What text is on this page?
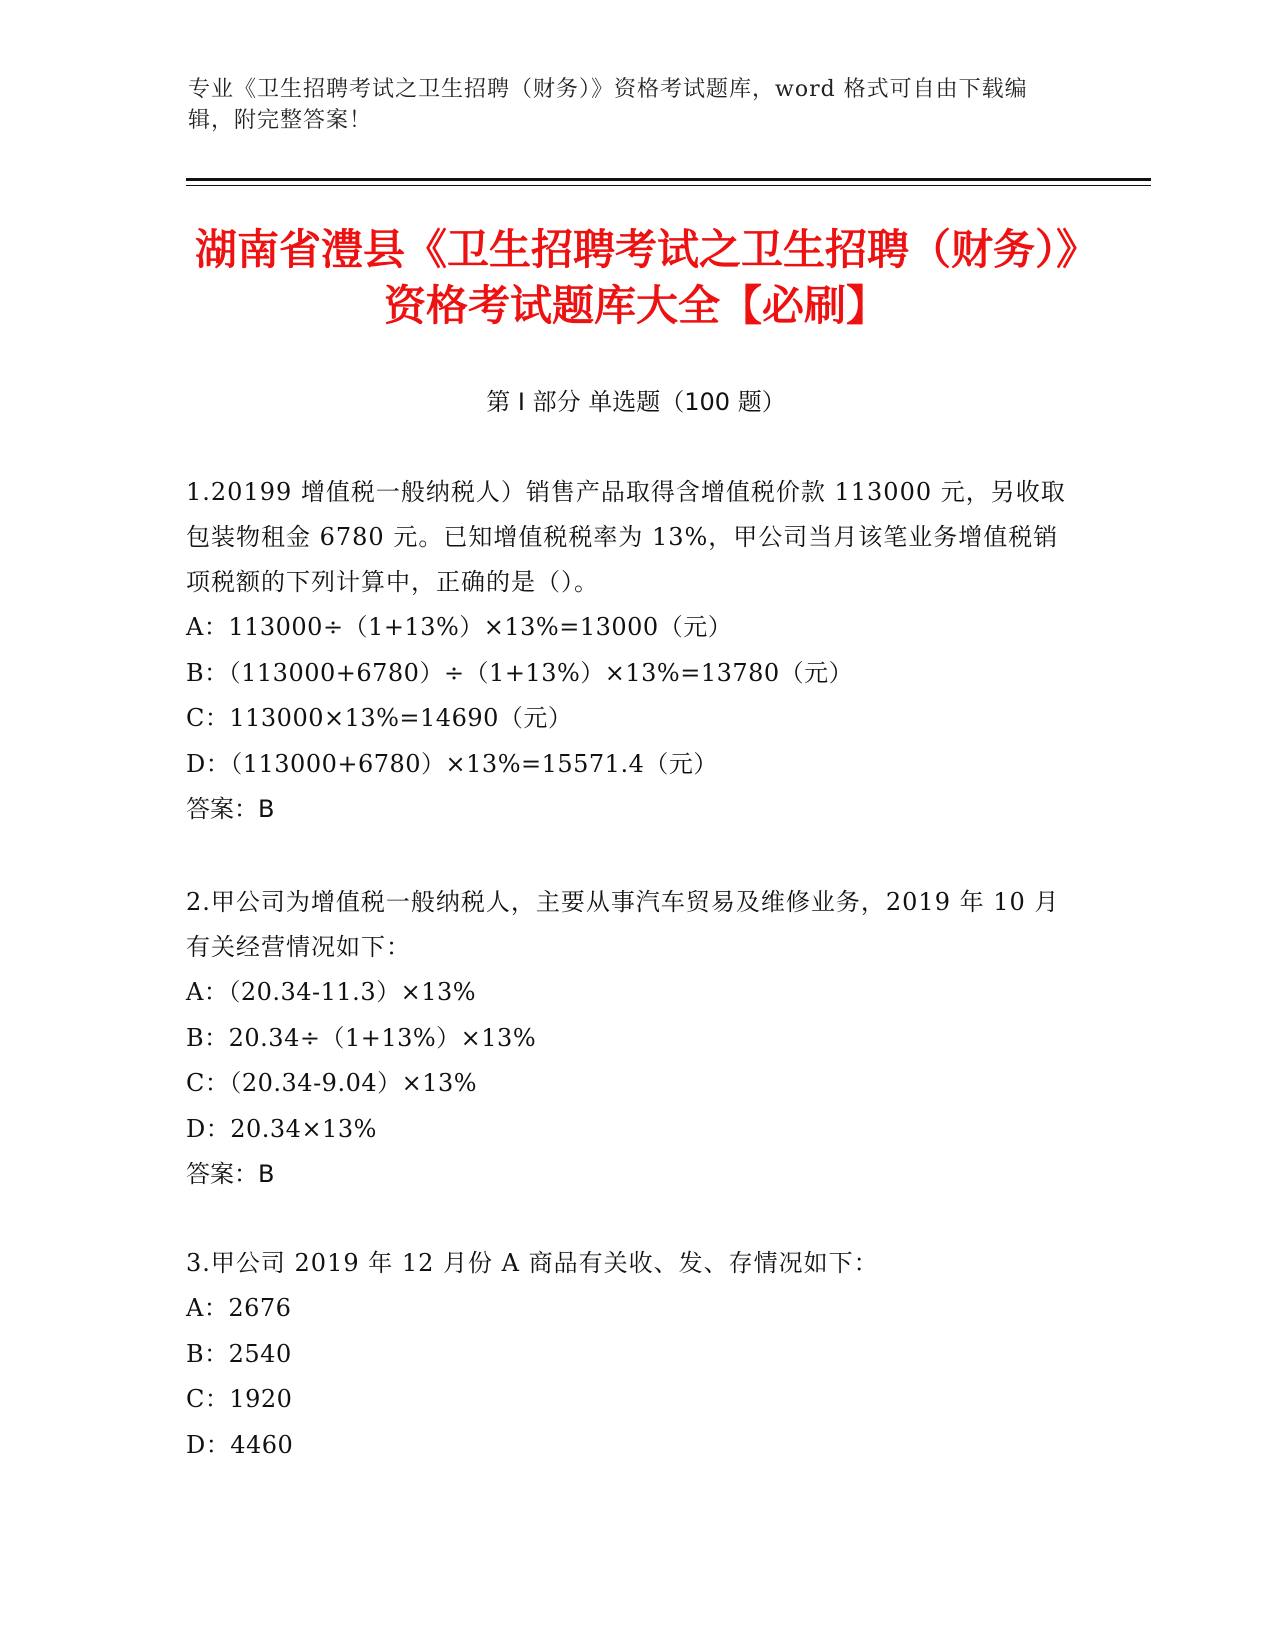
专业《卫生招聘考试之卫生招聘（财务）》资格考试题库，word 格式可自由下载编辑，附完整答案！
湖南省澧县《卫生招聘考试之卫生招聘（财务）》资格考试题库大全【必刷】
第 I 部分 单选题（100 题）
1.20199 增值税一般纳税人）销售产品取得含增值税价款 113000 元，另收取包装物租金 6780 元。已知增值税税率为 13%，甲公司当月该笔业务增值税销项税额的下列计算中，正确的是（）。
A：113000÷（1+13%）×13%=13000（元）
B：（113000+6780）÷（1+13%）×13%=13780（元）
C：113000×13%=14690（元）
D：（113000+6780）×13%=15571.4（元）
答案：B
2.甲公司为增值税一般纳税人，主要从事汽车贸易及维修业务，2019 年 10 月有关经营情况如下：
A：（20.34-11.3）×13%
B：20.34÷（1+13%）×13%
C：（20.34-9.04）×13%
D：20.34×13%
答案：B
3.甲公司 2019 年 12 月份 A 商品有关收、发、存情况如下：
A：2676
B：2540
C：1920
D：4460
